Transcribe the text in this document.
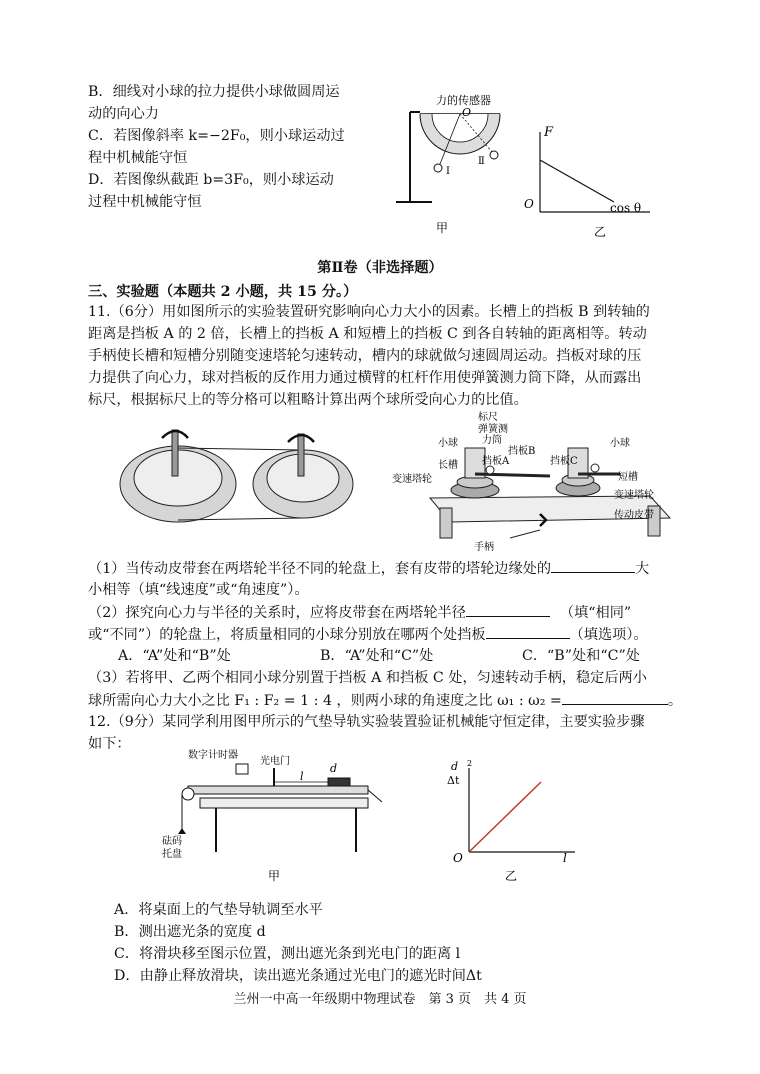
B．细线对小球的拉力提供小球做圆周运
动的向心力
C．若图像斜率 k=−2F₀，则小球运动过
程中机械能守恒
D．若图像纵截距 b=3F₀，则小球运动
过程中机械能守恒
力的传感器
O
Ⅰ
Ⅱ
甲
F
O	cos θ
乙
第Ⅱ卷（非选择题）
三、实验题（本题共 2 小题，共 15 分。）
11.（6分）用如图所示的实验装置研究影响向心力大小的因素。长槽上的挡板 B 到转轴的
距离是挡板 A 的 2 倍，长槽上的挡板 A 和短槽上的挡板 C 到各自转轴的距离相等。转动
手柄使长槽和短槽分别随变速塔轮匀速转动，槽内的球就做匀速圆周运动。挡板对球的压
力提供了向心力，球对挡板的反作用力通过横臂的杠杆作用使弹簧测力筒下降，从而露出
标尺，根据标尺上的等分格可以粗略计算出两个球所受向心力的比值。
标尺
弹簧测
力筒
小球	小球
挡板A
挡板B
挡板C
长槽
短槽
变速塔轮
变速塔轮
传动皮带
手柄
（1）当传动皮带套在两塔轮半径不同的轮盘上，套有皮带的塔轮边缘处的	大
小相等（填“线速度”或“角速度”）。
（2）探究向心力与半径的关系时，应将皮带套在两塔轮半径	（填“相同”
或“不同”）的轮盘上，将质量相同的小球分别放在哪两个处挡板	（填选项）。
A．“A”处和“B”处	B．“A”处和“C”处	C．“B”处和“C”处
（3）若将甲、乙两个相同小球分别置于挡板 A 和挡板 C 处，匀速转动手柄，稳定后两小
球所需向心力大小之比 F₁ : F₂ = 1 : 4 ，则两小球的角速度之比 ω₁ : ω₂ =	。
12.（9分）某同学利用图甲所示的气垫导轨实验装置验证机械能守恒定律，主要实验步骤
如下：
数字计时器
光电门
l
d
砝码
托盘
甲
d
Δt
2
O	l
乙
A．将桌面上的气垫导轨调至水平
B．测出遮光条的宽度 d
C．将滑块移至图示位置，测出遮光条到光电门的距离 l
D．由静止释放滑块，读出遮光条通过光电门的遮光时间Δt
兰州一中高一年级期中物理试卷　第 3 页　共 4 页
